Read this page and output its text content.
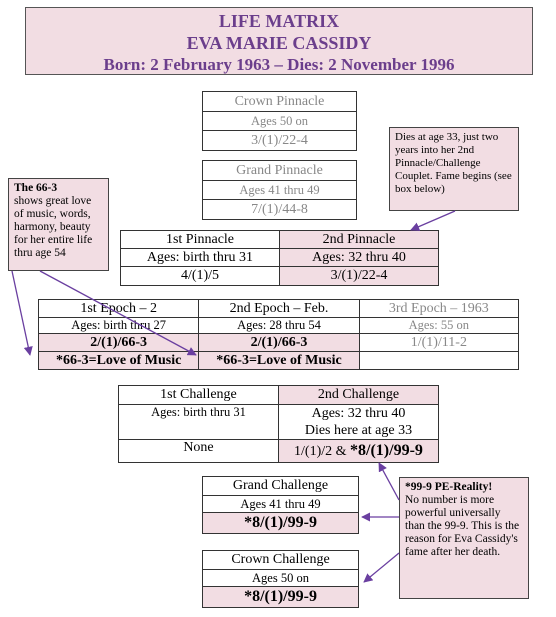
LIFE MATRIX
EVA MARIE CASSIDY
Born: 2 February 1963 – Dies: 2 November 1996
Crown Pinnacle
Ages 50 on
3/(1)/22-4
Grand Pinnacle
Ages 41 thru 49
7/(1)/44-8
1st Pinnacle	2nd Pinnacle
Ages: birth thru 31	Ages: 32 thru 40
4/(1)/5	3/(1)/22-4
1st Epoch – 2	2nd Epoch – Feb.	3rd Epoch – 1963
Ages: birth thru 27	Ages: 28 thru 54	Ages: 55 on
2/(1)/66-3	2/(1)/66-3	1/(1)/11-2
*66-3=Love of Music	*66-3=Love of Music	
1st Challenge	2nd Challenge
Ages: birth thru 31	Ages: 32 thru 40
Dies here at age 33

None	1/(1)/2 & *8/(1)/99-9
Grand Challenge
Ages 41 thru 49
*8/(1)/99-9
Crown Challenge
Ages 50 on
*8/(1)/99-9
Dies at age 33, just two years into her 2nd Pinnacle/Challenge Couplet. Fame begins (see box below)
The 66-3
shows great love of music, words, harmony, beauty for her entire life thru age 54
*99-9 PE-Reality!
No number is more powerful universally than the 99-9. This is the reason for Eva Cassidy's fame after her death.
